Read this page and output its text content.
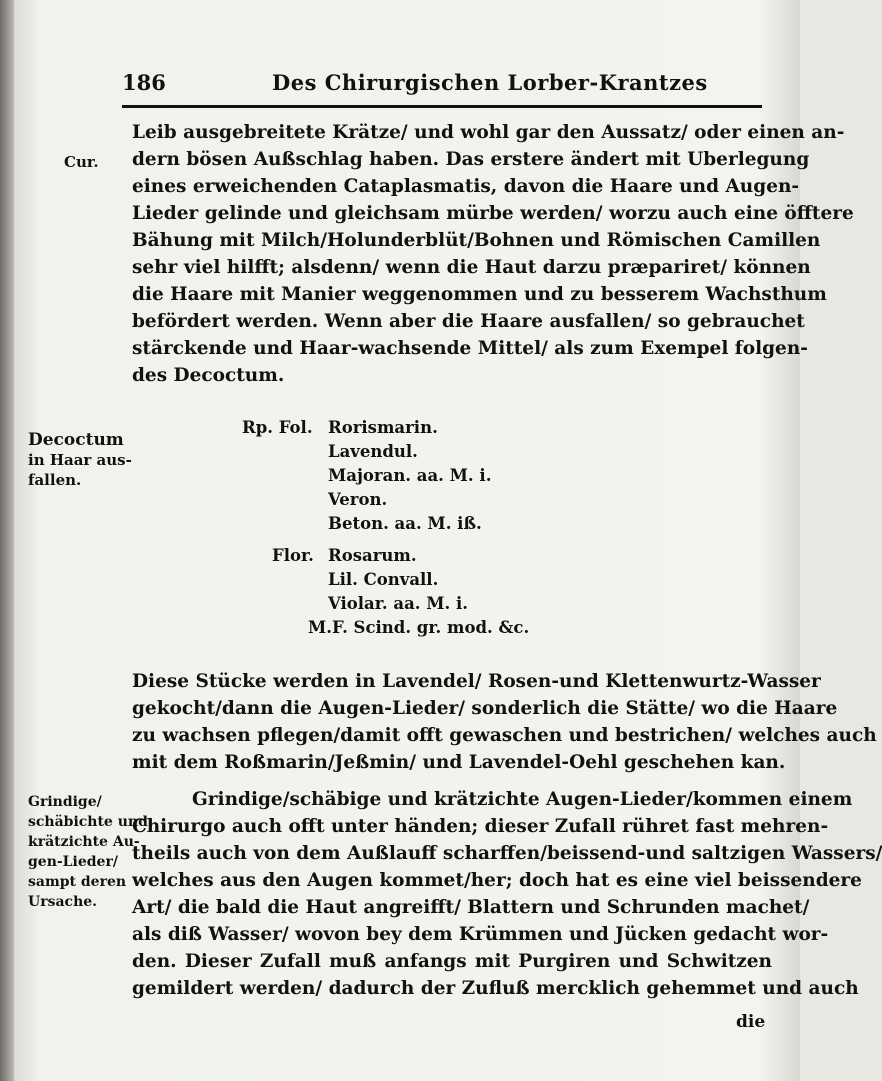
186	Des Chirurgischen Lorber-Krantzes
Leib ausgebreitete Krätze/ und wohl gar den Aussatz/ oder einen an-
dern bösen Außschlag haben. Das erstere ändert mit Uberlegung
eines erweichenden Cataplasmatis, davon die Haare und Augen-
Lieder gelinde und gleichsam mürbe werden/ worzu auch eine öfftere
Bähung mit Milch/Holunderblüt/Bohnen und Römischen Camillen
sehr viel hilfft; alsdenn/ wenn die Haut darzu præpariret/ können
die Haare mit Manier weggenommen und zu besserem Wachsthum
befördert werden. Wenn aber die Haare ausfallen/ so gebrauchet
stärckende und Haar-wachsende Mittel/ als zum Exempel folgen-
des Decoctum.
Cur.
Decoctum
in Haar aus-
fallen.
Grindige/
schäbichte und
krätzichte Au-
gen-Lieder/
sampt deren
Ursache.
Rp. Fol. Rorismarin.
Lavendul.
Majoran. aa. M. i.
Veron.
Beton. aa. M. iß.
Flor. Rosarum.
Lil. Convall.
Violar. aa. M. i.
M.F. Scind. gr. mod. &c.
Diese Stücke werden in Lavendel/ Rosen-und Klettenwurtz-Wasser
gekocht/dann die Augen-Lieder/ sonderlich die Stätte/ wo die Haare
zu wachsen pflegen/damit offt gewaschen und bestrichen/ welches auch
mit dem Roßmarin/Jeßmin/ und Lavendel-Oehl geschehen kan.
Grindige/schäbige und krätzichte Augen-Lieder/kommen einem
Chirurgo auch offt unter händen; dieser Zufall rühret fast mehren-
theils auch von dem Außlauff scharffen/beissend-und saltzigen Wassers/
welches aus den Augen kommet/her; doch hat es eine viel beissendere
Art/ die bald die Haut angreifft/ Blattern und Schrunden machet/
als diß Wasser/ wovon bey dem Krümmen und Jücken gedacht wor-
den. Dieser Zufall muß anfangs mit Purgiren und Schwitzen
gemildert werden/ dadurch der Zufluß mercklich gehemmet und auch
die
